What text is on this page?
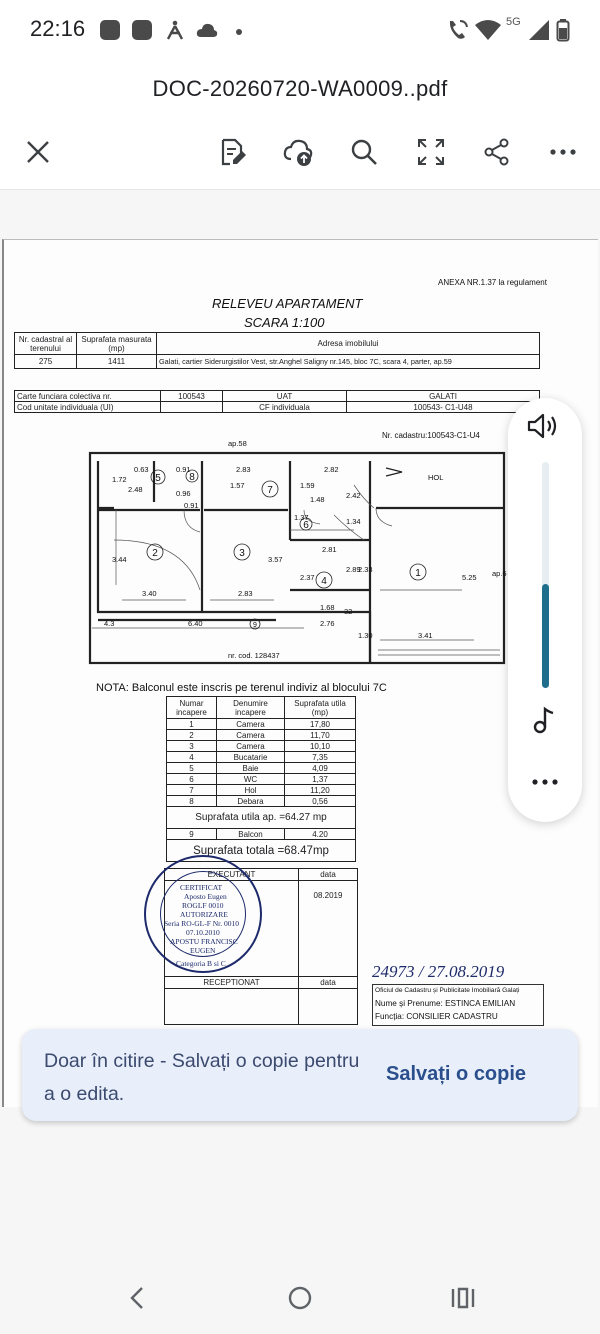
22:16	5G
DOC-20260720-WA0009..pdf
ANEXA NR.1.37 la regulament
RELEVEU APARTAMENT
SCARA 1:100
Nr. cadastral al terenului	Suprafata masurata (mp)	Adresa imobilului
275	1411	Galati, cartier Siderurgistilor Vest, str.Anghel Saligny nr.145, bloc 7C, scara 4, parter, ap.59
Carte funciara colectiva nr.	100543	UAT	GALATI
Cod unitate individuala (UI)		CF individuala	100543- C1-U48
Nr. cadastru:100543-C1-U4
ap.58
HOL
ap.6
nr. cod. 128437
0.63	0.91	2.83	2.82
1.72
2.48	0.96
1.57	1.59
1.48	2.42
0.91
1.37	1.34
3.44	3.57
2.81
5.25
3.40	2.83
2.37
2.89
2.33
1.68
6.40	2.76
3.41
1.30
4.3
32
1
2	3
4
5
6
7
8
9
NOTA: Balconul este inscris pe terenul indiviz al blocului 7C
Numar incapere	Denumire incapere	Suprafata utila (mp)
1	Camera	17,80
2	Camera	11,70
3	Camera	10,10
4	Bucatarie	7,35
5	Baie	4,09
6	WC	1,37
7	Hol	11,20
8	Debara	0,56
Suprafata utila ap. =64.27 mp		
9	Balcon	4.20
Suprafata totala =68.47mp		
EXECUTANT	data
	08.2019
RECEPTIONAT	data

CERTIFICAT
Aposto Eugen
ROGLF 0010
AUTORIZARE
Seria RO-GL-F Nr. 0010
07.10.2010
APOSTU FRANCISC
EUGEN
Categoria B si C	24973 / 27.08.2019
Oficiul de Cadastru și Publicitate Imobiliară Galați
Nume și Prenume: ESTINCA EMILIAN
Funcția: CONSILIER CADASTRU
Doar în citire - Salvați o copie pentru a o edita.
Salvați o copie
